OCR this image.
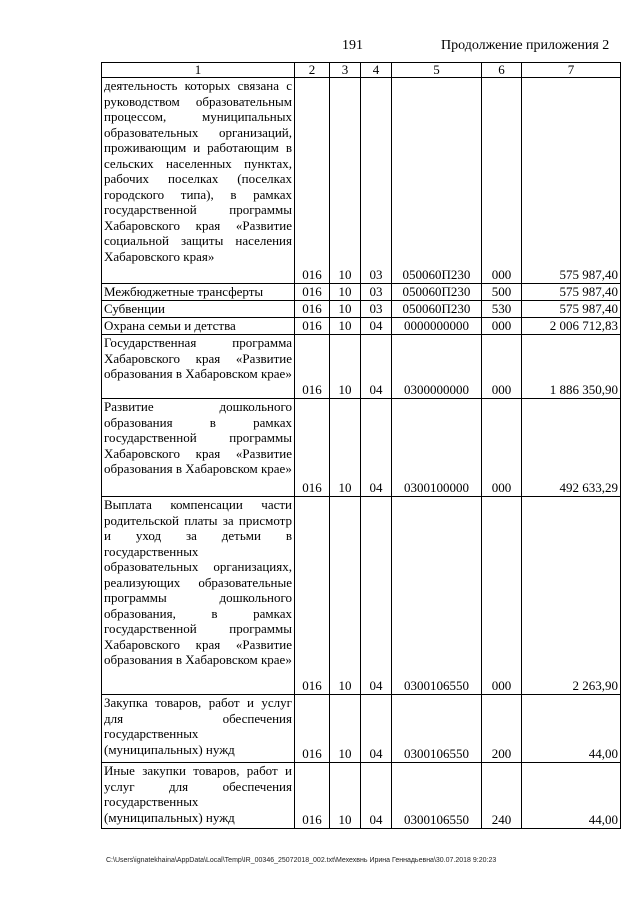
191	Продолжение приложения 2
1	2	3	4	5	6	7
деятельность которых связана с руководством образовательным процессом, муниципальных образовательных организаций, проживающим и работающим в сельских населенных пунктах, рабочих поселках (поселках городского типа), в рамках государственной программы Хабаровского края «Развитие социальной защиты населения Хабаровского края»	016	10	03	050060П230	000	575 987,40
Межбюджетные трансферты	016	10	03	050060П230	500	575 987,40
Субвенции	016	10	03	050060П230	530	575 987,40
Охрана семьи и детства	016	10	04	0000000000	000	2 006 712,83
Государственная программа Хабаровского края «Развитие образования в Хабаровском крае»	016	10	04	0300000000	000	1 886 350,90
Развитие дошкольного образования в рамках государственной программы Хабаровского края «Развитие образования в Хабаровском крае»	016	10	04	0300100000	000	492 633,29
Выплата компенсации части родительской платы за присмотр и уход за детьми в государственных образовательных организациях, реализующих образовательные программы дошкольного образования, в рамках государственной программы Хабаровского края «Развитие образования в Хабаровском крае»	016	10	04	0300106550	000	2 263,90
Закупка товаров, работ и услуг для обеспечения государственных (муниципальных) нужд	016	10	04	0300106550	200	44,00
Иные закупки товаров, работ и услуг для обеспечения государственных (муниципальных) нужд	016	10	04	0300106550	240	44,00
C:\Users\ignatekhaina\AppData\Local\Temp\IR_00346_25072018_002.txt\Мехехвнь Ирина Геннадьевна\30.07.2018 9:20:23
